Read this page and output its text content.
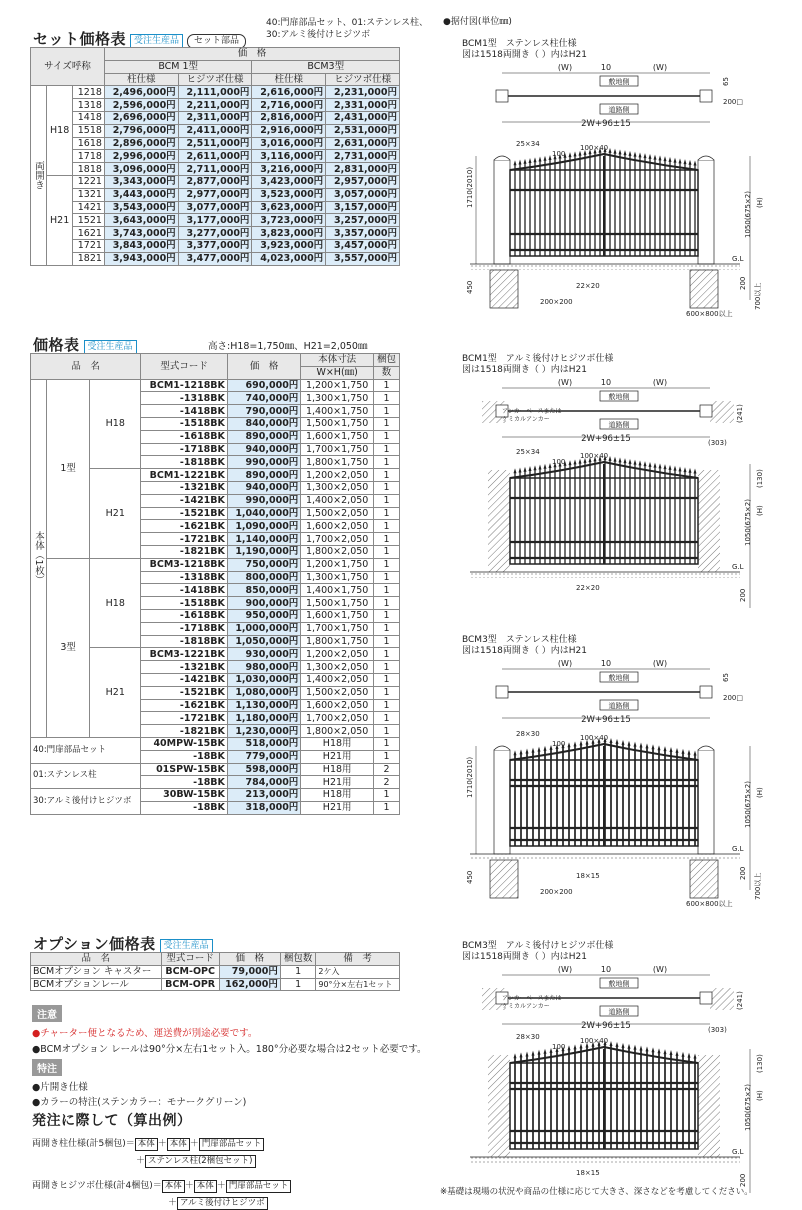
セット価格表 受注生産品 セット部品
40:門扉部品セット、01:ステンレス柱、
30:アルミ後付けヒジツボ
サイズ呼称			価　格			
			BCM 1型		BCM3型	
			柱仕様	ヒジツボ仕様	柱仕様	ヒジツボ仕様
両開き	H18	1218	2,496,000円	2,111,000円	2,616,000円	2,231,000円
		1318	2,596,000円	2,211,000円	2,716,000円	2,331,000円
		1418	2,696,000円	2,311,000円	2,816,000円	2,431,000円
		1518	2,796,000円	2,411,000円	2,916,000円	2,531,000円
		1618	2,896,000円	2,511,000円	3,016,000円	2,631,000円
		1718	2,996,000円	2,611,000円	3,116,000円	2,731,000円
		1818	3,096,000円	2,711,000円	3,216,000円	2,831,000円
	H21	1221	3,343,000円	2,877,000円	3,423,000円	2,957,000円
		1321	3,443,000円	2,977,000円	3,523,000円	3,057,000円
		1421	3,543,000円	3,077,000円	3,623,000円	3,157,000円
		1521	3,643,000円	3,177,000円	3,723,000円	3,257,000円
		1621	3,743,000円	3,277,000円	3,823,000円	3,357,000円
		1721	3,843,000円	3,377,000円	3,923,000円	3,457,000円
		1821	3,943,000円	3,477,000円	4,023,000円	3,557,000円
価格表 受注生産品	高さ:H18=1,750㎜、H21=2,050㎜
品　名			型式コード	価　格	本体寸法	梱包
					W×H(㎜)	数
本体（1枚）	1型	H18	BCM1-1218BK	690,000円	1,200×1,750	1
			-1318BK	740,000円	1,300×1,750	1
			-1418BK	790,000円	1,400×1,750	1
			-1518BK	840,000円	1,500×1,750	1
			-1618BK	890,000円	1,600×1,750	1
			-1718BK	940,000円	1,700×1,750	1
			-1818BK	990,000円	1,800×1,750	1
		H21	BCM1-1221BK	890,000円	1,200×2,050	1
			-1321BK	940,000円	1,300×2,050	1
			-1421BK	990,000円	1,400×2,050	1
			-1521BK	1,040,000円	1,500×2,050	1
			-1621BK	1,090,000円	1,600×2,050	1
			-1721BK	1,140,000円	1,700×2,050	1
			-1821BK	1,190,000円	1,800×2,050	1
	3型	H18	BCM3-1218BK	750,000円	1,200×1,750	1
			-1318BK	800,000円	1,300×1,750	1
			-1418BK	850,000円	1,400×1,750	1
			-1518BK	900,000円	1,500×1,750	1
			-1618BK	950,000円	1,600×1,750	1
			-1718BK	1,000,000円	1,700×1,750	1
			-1818BK	1,050,000円	1,800×1,750	1
		H21	BCM3-1221BK	930,000円	1,200×2,050	1
			-1321BK	980,000円	1,300×2,050	1
			-1421BK	1,030,000円	1,400×2,050	1
			-1521BK	1,080,000円	1,500×2,050	1
			-1621BK	1,130,000円	1,600×2,050	1
			-1721BK	1,180,000円	1,700×2,050	1
			-1821BK	1,230,000円	1,800×2,050	1
40:門扉部品セット			40MPW-15BK	518,000円	H18用	1
			-18BK	779,000円	H21用	1
01:ステンレス柱			01SPW-15BK	598,000円	H18用	2
			-18BK	784,000円	H21用	2
30:アルミ後付けヒジツボ			30BW-15BK	213,000円	H18用	1
			-18BK	318,000円	H21用	1
オプション価格表 受注生産品
品　名	型式コード	価　格	梱包数	備　考
BCMオプション キャスター	BCM-OPC	79,000円	1	2ケ入
BCMオプションレール	BCM-OPR	162,000円	1	90°分×左右1セット
注意
●チャーター便となるため、運送費が別途必要です。
●BCMオプション レールは90°分×左右1セット入。180°分必要な場合は2セット必要です。
特注
●片開き仕様
●カラーの特注(ステンカラー：モナークグリーン)
発注に際して（算出例）
両開き柱仕様(計5梱包)＝ 本体 ＋ 本体 ＋ 門扉部品セット
＋ ステンレス柱(2梱包セット)
両開きヒジツボ仕様(計4梱包)＝ 本体 ＋ 本体 ＋ 門扉部品セット
＋ アルミ後付けヒジツボ
●据付図(単位㎜)
BCM1型　ステンレス柱仕様
図は1518両開き（ ）内はH21
(W)	10	(W)
敷地側
道路側
2W+96±15
200□
65
G.L
25×34
100
100×40
1050(675×2) (H)
1710(2010)
450
200×200
22×20	200 700以上
600×800以上
BCM1型　アルミ後付けヒジツボ仕様
図は1518両開き（ ）内はH21
(W)	10	(W)
敷地側
道路側
2W+96±15
アンカーベースまたは
ケミカルアンカー
(303)
(241)
G.L
25×34
100
100×40
1050(675×2) (H)
22×20
200
(130)
BCM3型　ステンレス柱仕様
図は1518両開き（ ）内はH21
(W)	10	(W)
敷地側
道路側
2W+96±15
200□
65
G.L
28×30
100
100×40
1050(675×2) (H)
1710(2010)
450
200×200
18×15	200 700以上
600×800以上
BCM3型　アルミ後付けヒジツボ仕様
図は1518両開き（ ）内はH21
(W)	10	(W)
敷地側
道路側
2W+96±15
アンカーベースまたは
ケミカルアンカー
(303)
(241)
G.L
28×30
100
100×40
1050(675×2) (H)
18×15
200
(130)
※基礎は現場の状況や商品の仕様に応じて大きさ、深さなどを考慮してください。
